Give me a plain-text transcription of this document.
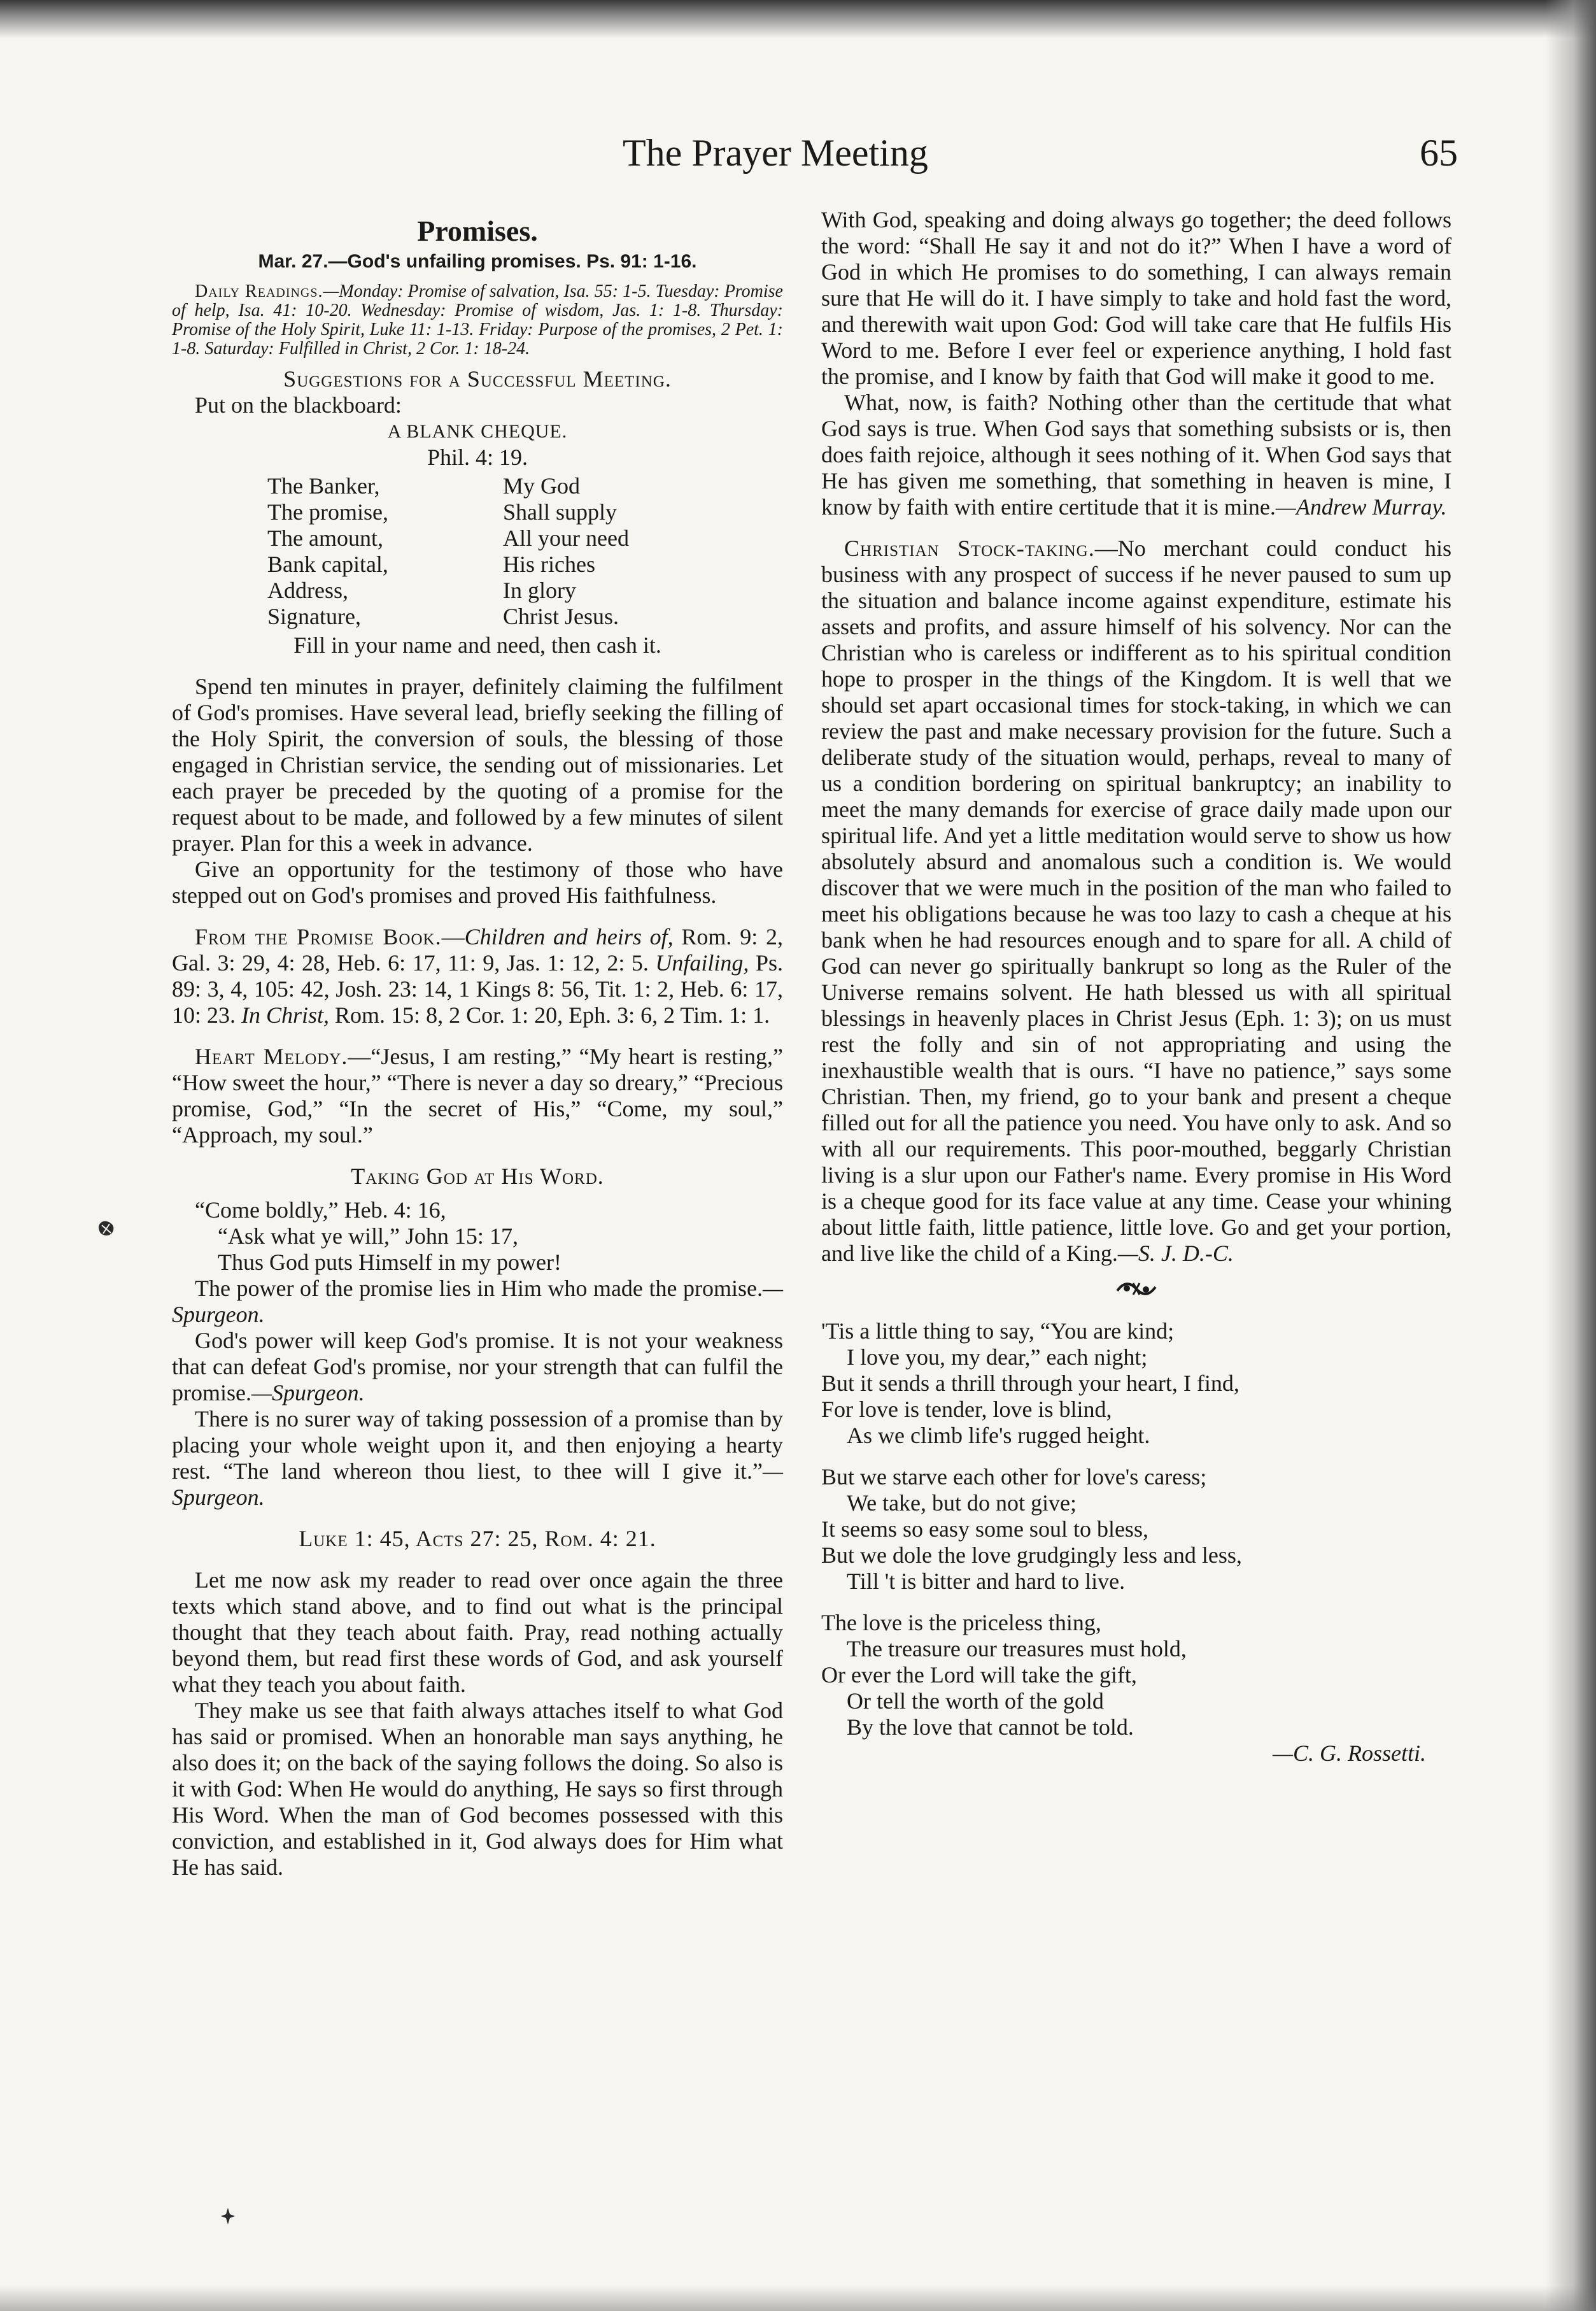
The Prayer Meeting	65
Promises.
Mar. 27.—God's unfailing promises. Ps. 91: 1-16.

Daily Readings.—Monday: Promise of salvation, Isa. 55: 1-5. Tuesday: Promise of help, Isa. 41: 10-20. Wednesday: Promise of wisdom, Jas. 1: 1-8. Thursday: Promise of the Holy Spirit, Luke 11: 1-13. Friday: Purpose of the promises, 2 Pet. 1: 1-8. Saturday: Fulfilled in Christ, 2 Cor. 1: 18-24.

Suggestions for a Successful Meeting.

Put on the blackboard:

A BLANK CHEQUE.

Phil. 4: 19.

The Banker,	My God
The promise,	Shall supply
The amount,	All your need
Bank capital,	His riches
Address,	In glory
Signature,	Christ Jesus.

Fill in your name and need, then cash it.

Spend ten minutes in prayer, definitely claiming the fulfilment of God's promises. Have several lead, briefly seeking the filling of the Holy Spirit, the conversion of souls, the blessing of those engaged in Christian service, the sending out of missionaries. Let each prayer be preceded by the quoting of a promise for the request about to be made, and followed by a few minutes of silent prayer. Plan for this a week in advance.

Give an opportunity for the testimony of those who have stepped out on God's promises and proved His faithfulness.

From the Promise Book.—Children and heirs of, Rom. 9: 2, Gal. 3: 29, 4: 28, Heb. 6: 17, 11: 9, Jas. 1: 12, 2: 5. Unfailing, Ps. 89: 3, 4, 105: 42, Josh. 23: 14, 1 Kings 8: 56, Tit. 1: 2, Heb. 6: 17, 10: 23. In Christ, Rom. 15: 8, 2 Cor. 1: 20, Eph. 3: 6, 2 Tim. 1: 1.

Heart Melody.—“Jesus, I am resting,” “My heart is resting,” “How sweet the hour,” “There is never a day so dreary,” “Precious promise, God,” “In the secret of His,” “Come, my soul,” “Approach, my soul.”

Taking God at His Word.

“Come boldly,” Heb. 4: 16,

“Ask what ye will,” John 15: 17,

Thus God puts Himself in my power!

The power of the promise lies in Him who made the promise.—Spurgeon.

God's power will keep God's promise. It is not your weakness that can defeat God's promise, nor your strength that can fulfil the promise.—Spurgeon.

There is no surer way of taking possession of a promise than by placing your whole weight upon it, and then enjoying a hearty rest. “The land whereon thou liest, to thee will I give it.”—Spurgeon.

Luke 1: 45, Acts 27: 25, Rom. 4: 21.

Let me now ask my reader to read over once again the three texts which stand above, and to find out what is the principal thought that they teach about faith. Pray, read nothing actually beyond them, but read first these words of God, and ask yourself what they teach you about faith.

They make us see that faith always attaches itself to what God has said or promised. When an honorable man says anything, he also does it; on the back of the saying follows the doing. So also is it with God: When He would do anything, He says so first through His Word. When the man of God becomes possessed with this conviction, and established in it, God always does for Him what He has said.

With God, speaking and doing always go together; the deed follows the word: “Shall He say it and not do it?” When I have a word of God in which He promises to do something, I can always remain sure that He will do it. I have simply to take and hold fast the word, and therewith wait upon God: God will take care that He fulfils His Word to me. Before I ever feel or experience anything, I hold fast the promise, and I know by faith that God will make it good to me.

What, now, is faith? Nothing other than the certitude that what God says is true. When God says that something subsists or is, then does faith rejoice, although it sees nothing of it. When God says that He has given me something, that something in heaven is mine, I know by faith with entire certitude that it is mine.—Andrew Murray.

Christian Stock-taking.—No merchant could conduct his business with any prospect of success if he never paused to sum up the situation and balance income against expenditure, estimate his assets and profits, and assure himself of his solvency. Nor can the Christian who is careless or indifferent as to his spiritual condition hope to prosper in the things of the Kingdom. It is well that we should set apart occasional times for stock-taking, in which we can review the past and make necessary provision for the future. Such a deliberate study of the situation would, perhaps, reveal to many of us a condition bordering on spiritual bankruptcy; an inability to meet the many demands for exercise of grace daily made upon our spiritual life. And yet a little meditation would serve to show us how absolutely absurd and anomalous such a condition is. We would discover that we were much in the position of the man who failed to meet his obligations because he was too lazy to cash a cheque at his bank when he had resources enough and to spare for all. A child of God can never go spiritually bankrupt so long as the Ruler of the Universe remains solvent. He hath blessed us with all spiritual blessings in heavenly places in Christ Jesus (Eph. 1: 3); on us must rest the folly and sin of not appropriating and using the inexhaustible wealth that is ours. “I have no patience,” says some Christian. Then, my friend, go to your bank and present a cheque filled out for all the patience you need. You have only to ask. And so with all our requirements. This poor-mouthed, beggarly Christian living is a slur upon our Father's name. Every promise in His Word is a cheque good for its face value at any time. Cease your whining about little faith, little patience, little love. Go and get your portion, and live like the child of a King.—S. J. D.-C.

'Tis a little thing to say, “You are kind;
I love you, my dear,” each night;
But it sends a thrill through your heart, I find,
For love is tender, love is blind,
As we climb life's rugged height.
But we starve each other for love's caress;
We take, but do not give;
It seems so easy some soul to bless,
But we dole the love grudgingly less and less,
Till 't is bitter and hard to live.
The love is the priceless thing,
The treasure our treasures must hold,
Or ever the Lord will take the gift,
Or tell the worth of the gold
By the love that cannot be told.

—C. G. Rossetti.
